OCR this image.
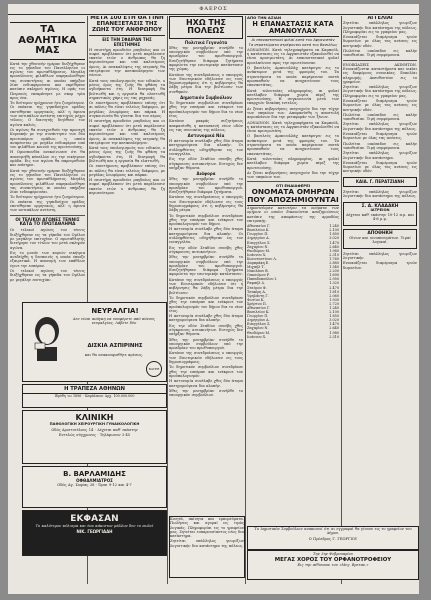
ΦΑΕΡΟΣ
ΤΑ ΑΘΛΗΤΙΚΑ ΜΑΣ
Κατά την χθεσινήν ημέραν διεξήχθησαν εις το γήπεδον του Πανελληνίου οι αγώνες του πρωταθλήματος. Μεγάλη προσέλευσις φιλάθλων παρηκολούθησε τας συναντήσεις αι οποίαι υπήρξαν λίαν ενδιαφέρουσαι και εκρίθησαν κατόπιν σκληρού αγώνος. Η ομάς του Πειραιώς επεκράτησε με σκορ τρία προς ένα.
Το δεύτερον ημίχρονον ήτο ζωηρότερον. Οι παίκται της γηπεδούχου ομάδος επετέθησαν ορμητικώς, αλλ' η άμυνα των αντιπάλων αντέστη επιτυχώς μέχρι τέλους. Ο διαιτητής διηύθυνε τον αγώνα καλώς.
Οι αγώνες θα συνεχισθούν την προσεχή Κυριακήν με την συνάντησιν των δύο πρωτοπόρων ομάδων, η οποία αναμένεται με μεγάλο ενδιαφέρον υπό του φιλάθλου κοινού της πρωτευούσης.
Η Ομοσπονδία ανεκοίνωσεν ότι θα απονεμηθή κύπελλον εις την νικήτριαν ομάδα. Εις τον αγώνα θα παρευρεθούν και επίσημοι.
Κατά την χθεσινήν ημέραν διεξήχθησαν εις το γήπεδον του Πανελληνίου οι αγώνες του πρωταθλήματος. Μεγάλη προσέλευσις φιλάθλων παρηκολούθησε τας συναντήσεις αι οποίαι υπήρξαν λίαν ενδιαφέρουσαι.
Το δεύτερον ημίχρονον ήτο ζωηρότερον. Οι παίκται της γηπεδούχου ομάδος επετέθησαν ορμητικώς, αλλ' η άμυνα των αντιπάλων αντέστη.
ΟΙ ΤΕΛΙΚΟΙ ΑΓΩΝΕΣ ΤΕΝΝΙΣ
ΚΑΤΑ ΤΟ ΠΡΩΤΑΘΛΗΜΑ
Οι τελικοί αγώνες του τέννις διεξήχθησαν εις τα γήπεδα του Ομίλου με μεγάλην επιτυχίαν. Ο πρωταθλητής διετήρησε τον τίτλον του μετά σκληρόν αγώνα.
Εις το μονόν των κυριών νικήτρια ανεδείχθη η δεσποινίς η οποία έπαιξε εξαιρετικά. Η απονομή των επάθλων έγινε την εσπέραν.
Οι τελικοί αγώνες του τέννις διεξήχθησαν εις τα γήπεδα του Ομίλου με μεγάλην επιτυχίαν.
ΜΕΤΑ 100 ΕΤΗ ΘΑ ΓΙΝΗ ΕΠΑΝΕΞΕΤΑΣΙΣ ΤΗΣ ΖΩΗΣ ΤΟΥ ΑΝΘΡΩΠΟΥ
ΕΙΣ ΤΗΝ ΣΦΑΙΡΑΝ ΤΗΣ ΕΠΙΣΤΗΜΗΣ
Η επιστήμη προοδεύει ραγδαίως και οι σοφοί προβλέπουν ότι μετά παρέλευσιν εκατόν ετών ο άνθρωπος θα ζη περισσότερον και υπό καλυτέρους όρους. Αι ανακαλύψεις της ιατρικής θα επιτρέψουν την καταπολέμησιν των νόσων.
Κατά τους υπολογισμούς των ειδικών, ο μέσος όρος της ζωής θα φθάση τα ογδοήκοντα έτη. Η διατροφή θα βελτιωθή και η εργασία θα ελαττωθή σημαντικώς χάρις εις τας μηχανάς.
Οι επιστήμονες προβλέπουν επίσης ότι αι πόλεις θα είναι τελείως διάφοροι, με μεγάλας λεωφόρους και πάρκα. Η συγκοινωνία θα γίνεται δια του αέρος.
Η επιστήμη προοδεύει ραγδαίως και οι σοφοί προβλέπουν ότι μετά παρέλευσιν εκατόν ετών ο άνθρωπος θα ζη περισσότερον και υπό καλυτέρους όρους. Αι ανακαλύψεις της ιατρικής θα επιτρέψουν την καταπολέμησιν.
Κατά τους υπολογισμούς των ειδικών, ο μέσος όρος της ζωής θα φθάση τα ογδοήκοντα έτη. Η διατροφή θα βελτιωθή και η εργασία θα ελαττωθή.
Οι επιστήμονες προβλέπουν επίσης ότι αι πόλεις θα είναι τελείως διάφοροι, με μεγάλας λεωφόρους και πάρκα.
Η επιστήμη προοδεύει ραγδαίως και οι σοφοί προβλέπουν ότι μετά παρέλευσιν εκατόν ετών ο άνθρωπος θα ζη περισσότερον.
ΗΧΩ ΤΗΣ ΠΟΛΕΩΣ
Πολιτικά Γεγονότα
Χθες την μεσημβρίαν συνήλθε το υπουργικόν συμβούλιον υπό την προεδρίαν του πρωθυπουργού. Εσυζητήθησαν διάφορα ζητήματα αφορώντα την εσωτερικήν κατάστασιν της χώρας.
Κατόπιν της συνεδριάσεως ο υπουργός των Εσωτερικών εδήλωσεν εις τους δημοσιογράφους ότι η κυβέρνησις θα λάβη μέτρα δια την βελτίωσιν των συνθηκών.
Δημοτικόν Συμβούλιον
Το δημοτικόν συμβούλιον συνεδρίασε χθες την εσπέραν και ενέκρινε τον προϋπολογισμόν του δήμου δια το νέον έτος.
Κατόπιν μακράς συζητήσεως απεφασίσθη η κατασκευή νέων οδών εις τας συνοικίας της πόλεως.
Αστυνομικά Νέα
Η αστυνομία συνέλαβε χθες δύο άτομα κατηγορούμενα δια κλοπήν. Οι συλληφθέντες ωδηγήθησαν εις τον εισαγγελέα.
Εις την οδόν Σταδίου συνέβη χθες σύγκρουσις αυτοκινήτων. Ευτυχώς δεν υπήρξαν θύματα.
Διάφορα
Χθες την μεσημβρίαν συνήλθε το υπουργικόν συμβούλιον υπό την προεδρίαν του πρωθυπουργού. Εσυζητήθησαν διάφορα ζητήματα.
Κατόπιν της συνεδριάσεως ο υπουργός των Εσωτερικών εδήλωσεν εις τους δημοσιογράφους ότι η κυβέρνησις θα λάβη μέτρα.
Το δημοτικόν συμβούλιον συνεδρίασε χθες την εσπέραν και ενέκρινε τον προϋπολογισμόν του δήμου.
Η αστυνομία συνέλαβε χθες δύο άτομα κατηγορούμενα δια κλοπήν. Οι συλληφθέντες ωδηγήθησαν εις τον εισαγγελέα.
Εις την οδόν Σταδίου συνέβη χθες σύγκρουσις αυτοκινήτων.
Χθες την μεσημβρίαν συνήλθε το υπουργικόν συμβούλιον υπό την προεδρίαν του πρωθυπουργού. Εσυζητήθησαν διάφορα ζητήματα αφορώντα την εσωτερικήν κατάστασιν.
Κατόπιν της συνεδριάσεως ο υπουργός των Εσωτερικών εδήλωσεν ότι η κυβέρνησις θα λάβη μέτρα δια την βελτίωσιν.
Το δημοτικόν συμβούλιον συνεδρίασε χθες την εσπέραν και ενέκρινε τον προϋπολογισμόν του δήμου δια το νέον έτος.
Η αστυνομία συνέλαβε χθες δύο άτομα κατηγορούμενα δια κλοπήν.
Εις την οδόν Σταδίου συνέβη χθες σύγκρουσις αυτοκινήτων. Ευτυχώς δεν υπήρξαν θύματα.
Χθες την μεσημβρίαν συνήλθε το υπουργικόν συμβούλιον υπό την προεδρίαν του πρωθυπουργού.
Κατόπιν της συνεδριάσεως ο υπουργός των Εσωτερικών εδήλωσεν εις τους δημοσιογράφους.
Το δημοτικόν συμβούλιον συνεδρίασε χθες την εσπέραν και ενέκρινε τον προϋπολογισμόν.
Η αστυνομία συνέλαβε χθες δύο άτομα κατηγορούμενα δια κλοπήν.
Χθες την μεσημβρίαν συνήλθε το υπουργικόν συμβούλιον.
ΑΠΟ ΤΗΝ ΑΣΙΑΝ
Η ΕΠΑΝΑΣΤΑΣΙΣ ΚΑΤΑ ΑΜΑΝΟΥΛΑΧ
Αι επαναστατικαί φυλαί κατά του Αφγανιστάν
Τα στρατεύματα στρέφονται κατά του Βασιλέως
ΛΟΝΔΙΝΟΝ. Κατά τηλεγραφήματα εκ Καμπούλ, η κατάστασις εις το Αφγανιστάν εξακολουθεί να είναι κρισιμωτάτη. Αι επαναστατικαί φυλαί προελαύνουν προς την πρωτεύουσαν.
Ο βασιλεύς Αμανουλλάχ κατέφυγεν εις το ανάκτορον μετά της φρουράς του. Τα στρατεύματα τα οποία παρέμειναν πιστά προσπαθούν να αναχαιτίσουν τους επαναστάτας.
Κατά τελευταίας πληροφορίας, αι φυλαί κατέλαβον διάφορα χωρία πέριξ της πρωτευούσης. Η συγκοινωνία μετά των επαρχιών διεκόπη εντελώς.
Αι ξέναι κυβερνήσεις ανησυχούν δια την τύχην των υπηκόων των. Αποφασίσθη η αποστολή αεροπλάνων δια την μεταφοράν των ξένων.
ΛΟΝΔΙΝΟΝ. Κατά τηλεγραφήματα εκ Καμπούλ, η κατάστασις εις το Αφγανιστάν εξακολουθεί να είναι κρισιμωτάτη.
Ο βασιλεύς Αμανουλλάχ κατέφυγεν εις το ανάκτορον μετά της φρουράς του. Τα στρατεύματα τα οποία παρέμειναν πιστά προσπαθούν να αναχαιτίσουν τους επαναστάτας.
Κατά τελευταίας πληροφορίας, αι φυλαί κατέλαβον διάφορα χωρία πέριξ της πρωτευούσης.
Αι ξέναι κυβερνήσεις ανησυχούν δια την τύχην των υπηκόων των.
ΟΤΙ ΕΝΔΙΑΦΕΡΕΙ
ΟΝΟΜΑΤΑ ΟΜΗΡΩΝ ΠΟΥ ΑΠΟΖΗΜΙΟΥΝΤΑΙ
Δημοσιεύομεν κατωτέρω τα ονόματα των ομήρων οι οποίοι δικαιούνται αποζημιώσεως κατόπιν της αποφάσεως της αρμοδίας επιτροπής.
Αθανασίου Γ.	1.240
Βασιλείου Κ.	2.100
Γεωργίου Π.	1.850
Δημητρίου Α.	3.020
Ευαγγέλου Σ.	1.470
Ζαχαρίου Ν.	2.640
Θεοδώρου Μ.	1.980
Ιωάννου Χ.	2.310
Κωνσταντίνου Λ.	1.760
Λαμπράκη Ε.	2.880
Μιχαήλ Τ.	1.540
Νικολάου Β.	2.200
Οικονόμου Ρ.	1.690
Παπαδοπούλου Ι.	2.950
Ραφαήλ Δ.	1.320
Σταύρου Φ.	2.470
Τσακίρη Α.	1.810
Υψηλάντη Γ.	2.060
Φωτίου Κ.	1.930
Χρήστου Π.	2.720
Αθανασίου Γ.	1.240
Βασιλείου Κ.	2.100
Γεωργίου Π.	1.850
Δημητρίου Α.	3.020
Ευαγγέλου Σ.	1.470
Ζαχαρίου Ν.	2.640
Θεοδώρου Μ.	1.980
Ιωάννου Χ.	2.310
ΑΓΓΕΛΙΑΙ
Ζητείται υπάλληλος γνωρίζων λογιστικήν δια κατάστημα της πόλεως. Πληροφορίαι εις το γραφείον μας.
Ενοικιάζεται διαμέρισμα τριών δωματίων με όλας τας ανέσεις εις κεντρικήν οδόν.
Πωλείται οικόπεδον εις καλήν τοποθεσίαν. Τιμή συμφέρουσα.
ΕΝΟΙΚΙΑΣΕΙΣ ΑΚΙΝΗΤΩΝ. Ενοικιάζονται καταστήματα και οικίαι εις διαφόρους συνοικίας. Ευκολίαι πληρωμής. Απευθυντέον εις το γραφείον.
Ζητείται υπάλληλος γνωρίζων λογιστικήν δια κατάστημα της πόλεως. Πληροφορίαι εις το γραφείον μας.
Ενοικιάζεται διαμέρισμα τριών δωματίων με όλας τας ανέσεις εις κεντρικήν οδόν.
Πωλείται οικόπεδον εις καλήν τοποθεσίαν. Τιμή συμφέρουσα.
Ζητείται υπάλληλος γνωρίζων λογιστικήν δια κατάστημα της πόλεως.
Ενοικιάζεται διαμέρισμα τριών δωματίων με όλας τας ανέσεις.
Πωλείται οικόπεδον εις καλήν τοποθεσίαν. Τιμή συμφέρουσα.
Ζητείται υπάλληλος γνωρίζων λογιστικήν δια κατάστημα.
Ενοικιάζεται διαμέρισμα τριών δωματίων με όλας τας ανέσεις εις κεντρικήν οδόν.
ΚΑΙΑ. Γ. ΠΕΡΑΤΖΙΑΝΗ
Ζητείται υπάλληλος γνωρίζων λογιστικήν δια κατάστημα της πόλεως.
Σ. Α. ΚΛΑΔΑΚΗ
ΙΑΤΡΕΙΟΝ
Δέχεται καθ' εκάστην 10-12 π.μ. και 4-6 μ.μ.
ΑΠΟΘΗΚΗ
Οίνων και οινοπνευμάτων. Τιμαί λογικαί.
Ζητείται υπάλληλος γνωρίζων λογιστικήν.
Ενοικιάζεται διαμέρισμα τριών δωματίων.
ΝΕΥΡΑΛΓΙΑ!
Δεν είναι ανάγκη να υποφέρετε από πόνους νευραλγίας. Λάβετε δύο
ΔΙΣΚΙΑ ΑΣΠΙΡΙΝΗΣ
και θα ανακουφισθήτε αμέσως.
BAYER
Η ΤΡΑΠΕΖΑ ΑΘΗΝΩΝ
Ιδρύθη τω 1896 · Κεφάλαιον Δρχ. 100.000.000
ΚΛΙΝΙΚΗ
ΠΑΘΟΛΟΓΙΚΗ ΧΕΙΡΟΥΡΓΙΚΗ ΓΥΝΑΙΚΟΛΟΓΙΚΗ
Οδός Αριστοτέλους 14 · Δέχεται καθ' εκάστην
Εντελώς σύγχρονος · Τηλέφωνον 2-45
Β. ΒΑΡΛΑΜΙΔΗΣ
ΟΦΘΑΛΜΙΑΤΡΟΣ
Οδός Αγ. Σοφίας 28 · Ώραι 9-12 και 4-7
ΕΚΦΑΣΑΝ
Το καλύτερον κύλισμα και ένα κάκιστον μάλλον δεν το πωλεί
ΝΙΚ. ΓΕΩΡΓΙΑΔΗ
Κινητά, ακίνητα και εμπορεύματα. Πωλήσεις και αγοραί εις τιμάς λογικάς. Πληροφορίαι εις το γραφείον μας. Ζητείται ευπαρουσίαστος νέος δια κατάστημα.
Ζητείται υπάλληλος γνωρίζων λογιστικήν δια κατάστημα της πόλεως.
Την 3ην Φεβρουαρίου
ΜΕΓΑΣ ΧΟΡΟΣ ΤΟΥ ΟΡΦΑΝΟΤΡΟΦΕΙΟΥ
Εις την αίθουσαν του «Μεγ. Βρεταν.»
Το Δημοτικόν Συμβούλιον ανακοινοί ότι αι εγγραφαί θα γίνουν εις το γραφείον του Δήμου.
Ο Πρόεδρος Γ. ΓΕΩΡΓΙΟΥ
